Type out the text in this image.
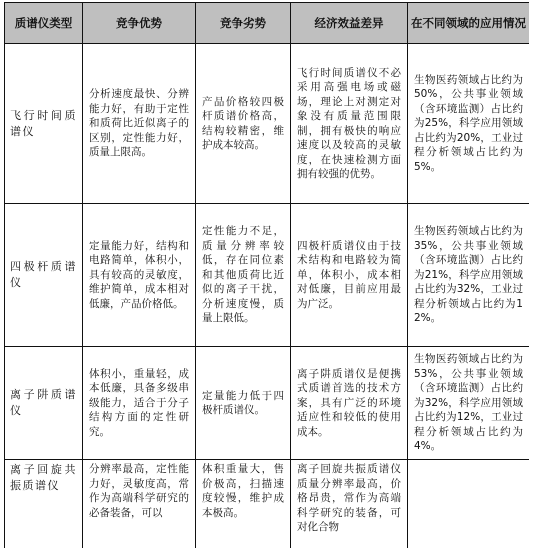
质谱仪类型	竞争优势	竞争劣势	经济效益差异	在不同领域的应用情况
飞行时间质谱仪	分析速度最快、分辨能力好，有助于定性和质荷比近似离子的区别，定性能力好，质量上限高。	产品价格较四极杆质谱价格高，结构较精密，维护成本较高。	飞行时间质谱仪不必采用高强电场或磁场，理论上对测定对象没有质量范围限制，拥有极快的响应速度以及较高的灵敏度，在快速检测方面拥有较强的优势。	生物医药领域占比约为50%，公共事业领域（含环境监测）占比约为25%，科学应用领域占比约为20%，工业过程分析领域占比约为5%。
四极杆质谱仪	定量能力好，结构和电路简单，体积小，具有较高的灵敏度，维护简单，成本相对低廉，产品价格低。	定性能力不足，质量分辨率较低，存在同位素和其他质荷比近似的离子干扰，分析速度慢，质量上限低。	四极杆质谱仪由于技术结构和电路较为简单，体积小，成本相对低廉，目前应用最为广泛。	生物医药领域占比约为35%，公共事业领域（含环境监测）占比约为21%，科学应用领域占比约为32%，工业过程分析领域占比约为12%。
离子阱质谱仪	体积小，重量轻，成本低廉，具备多级串级能力，适合于分子结构方面的定性研究。	定量能力低于四极杆质谱仪。	离子阱质谱仪是便携式质谱首选的技术方案，具有广泛的环境适应性和较低的使用成本。	生物医药领域占比约为53%，公共事业领域（含环境监测）占比约为32%，科学应用领域占比约为12%，工业过程分析领域占比约为4%。
离子回旋共振质谱仪	分辨率最高，定性能力好，灵敏度高，常作为高端科学研究的必备装备，可以	体积重量大，售价极高，扫描速度较慢，维护成本极高。	离子回旋共振质谱仪质量分辨率最高，价格昂贵，常作为高端科学研究的装备，可对化合物	
